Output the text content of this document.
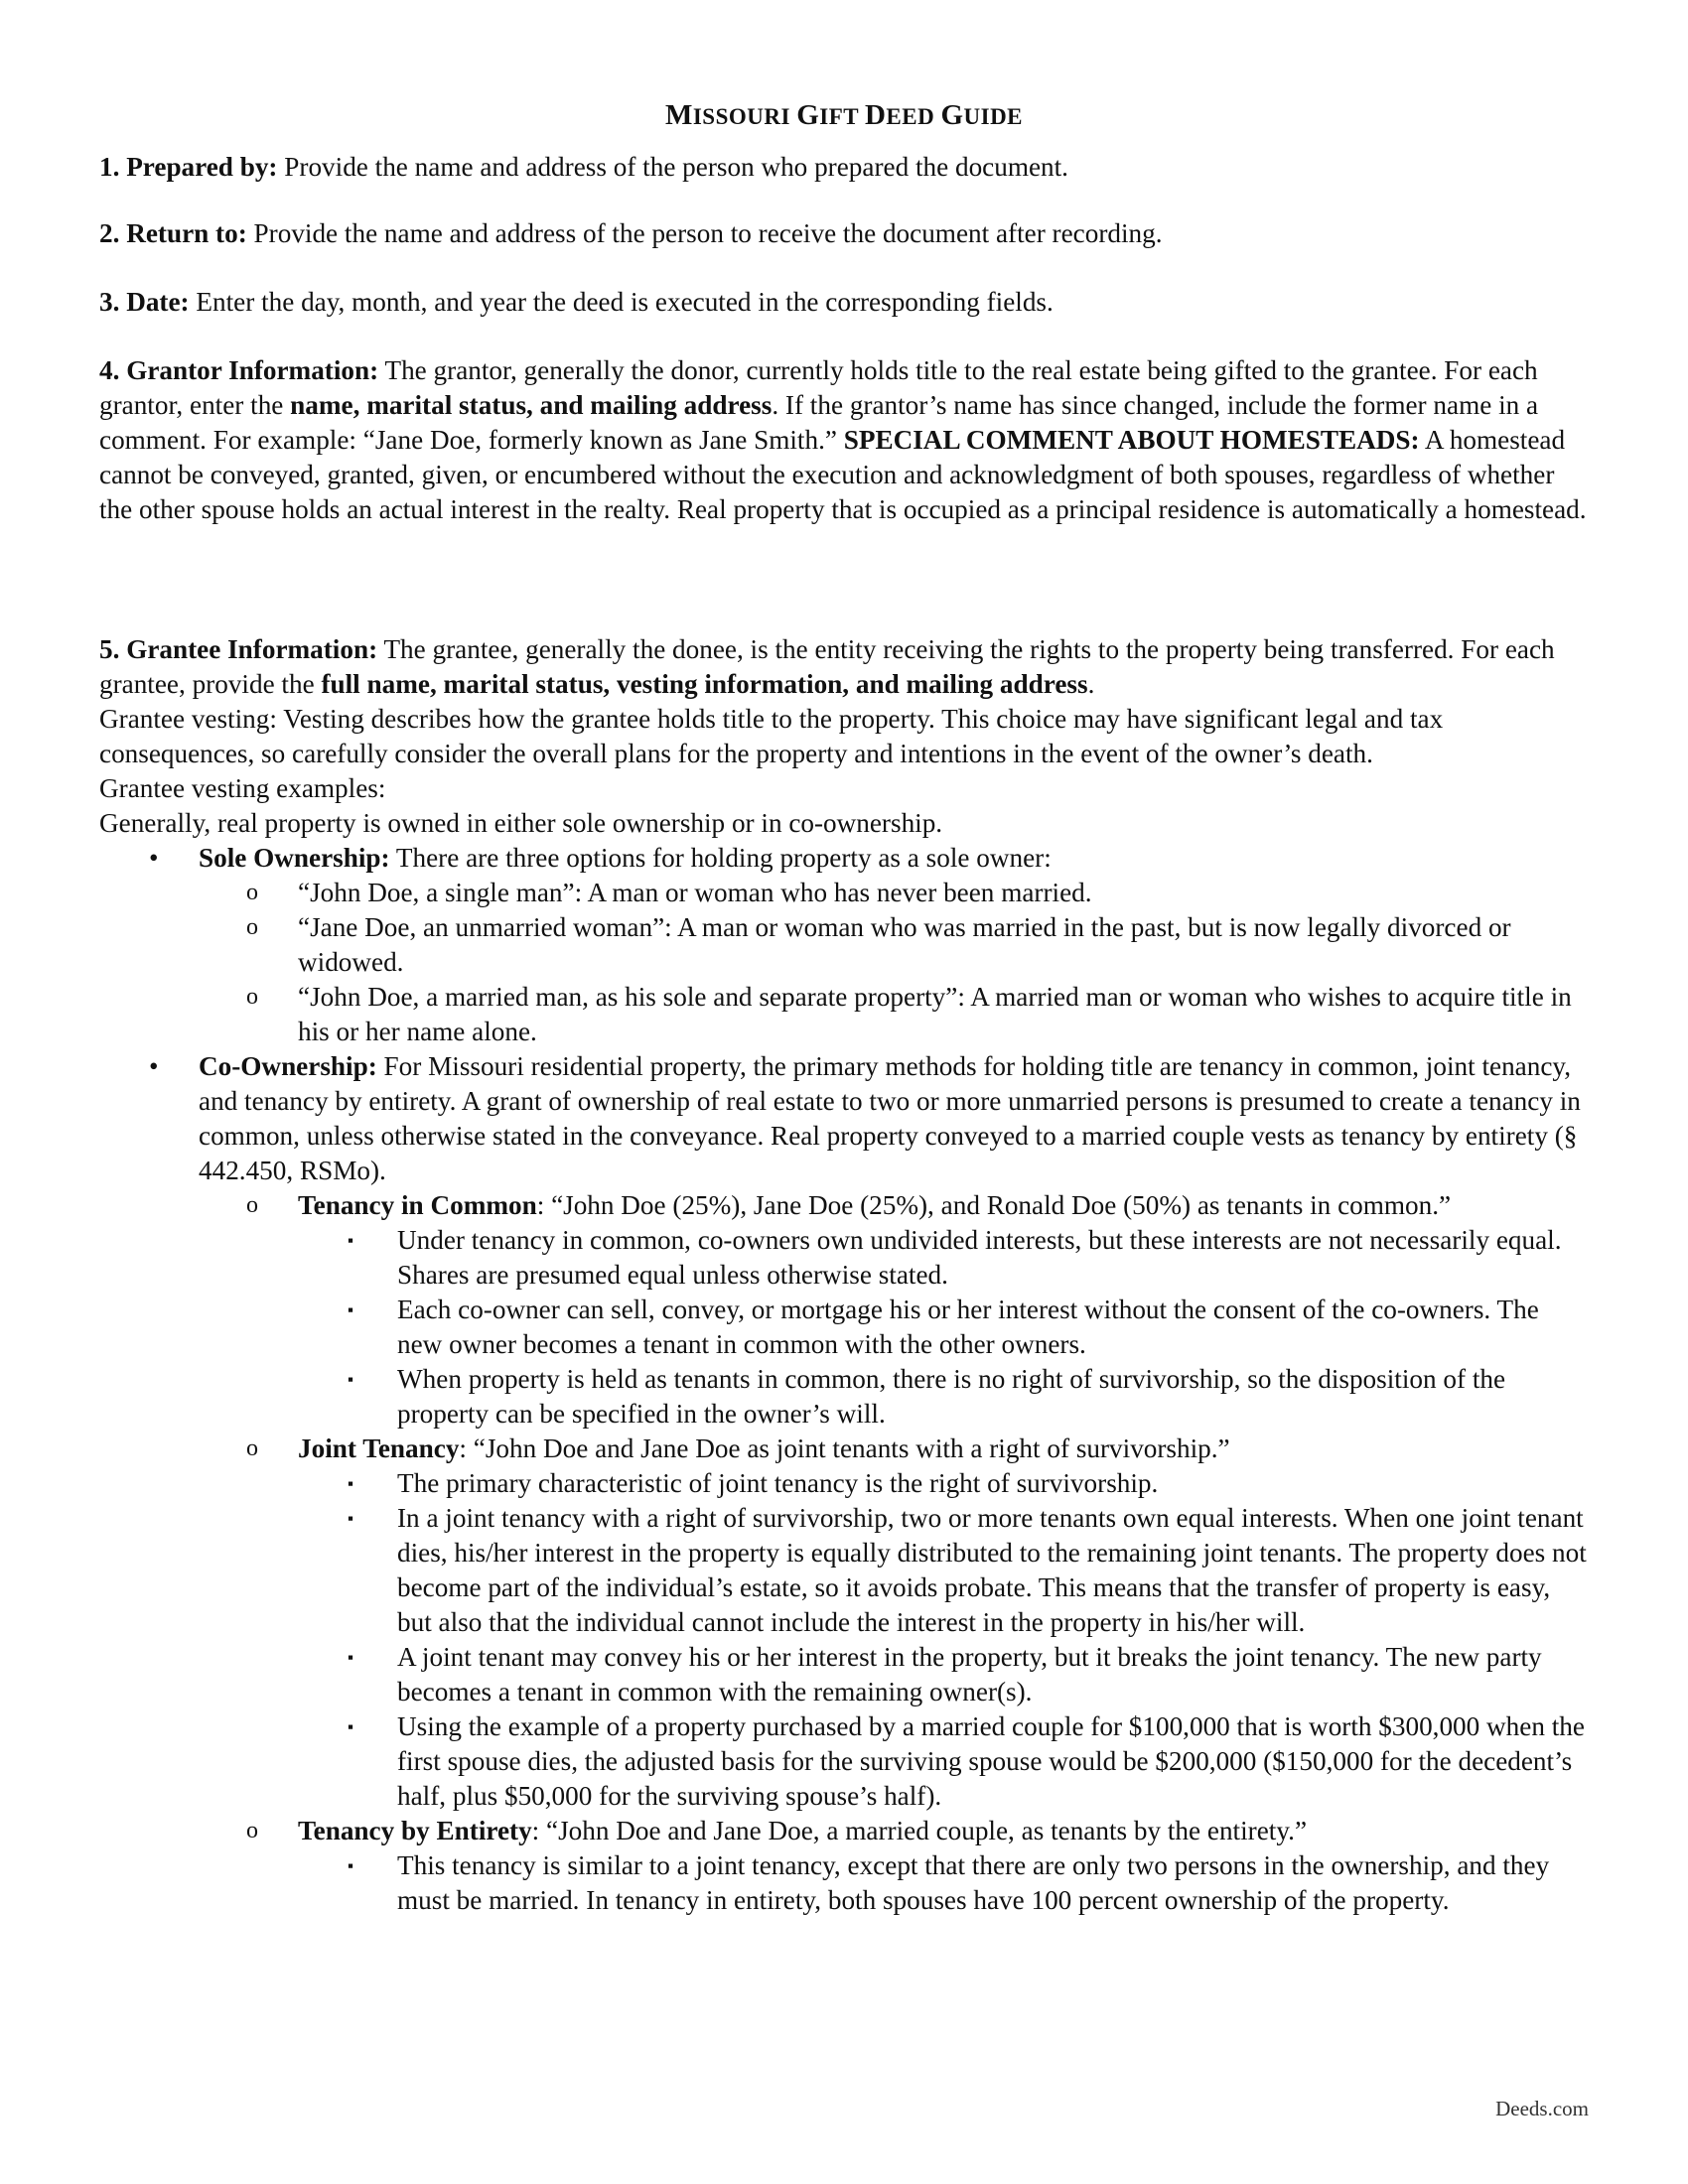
MISSOURI GIFT DEED GUIDE

1. Prepared by: Provide the name and address of the person who prepared the document.

2. Return to: Provide the name and address of the person to receive the document after recording.

3. Date: Enter the day, month, and year the deed is executed in the corresponding fields.

4. Grantor Information: The grantor, generally the donor, currently holds title to the real estate being gifted to the grantee. For each grantor, enter the name, marital status, and mailing address. If the grantor’s name has since changed, include the former name in a comment. For example: “Jane Doe, formerly known as Jane Smith.” SPECIAL COMMENT ABOUT HOMESTEADS: A homestead cannot be conveyed, granted, given, or encumbered without the execution and acknowledgment of both spouses, regardless of whether the other spouse holds an actual interest in the realty. Real property that is occupied as a principal residence is automatically a homestead.

5. Grantee Information: The grantee, generally the donee, is the entity receiving the rights to the property being transferred. For each grantee, provide the full name, marital status, vesting information, and mailing address.

Grantee vesting: Vesting describes how the grantee holds title to the property. This choice may have significant legal and tax consequences, so carefully consider the overall plans for the property and intentions in the event of the owner’s death.

Grantee vesting examples:

Generally, real property is owned in either sole ownership or in co-ownership.

• Sole Ownership: There are three options for holding property as a sole owner:
o “John Doe, a single man”: A man or woman who has never been married.
o “Jane Doe, an unmarried woman”: A man or woman who was married in the past, but is now legally divorced or widowed.
o “John Doe, a married man, as his sole and separate property”: A married man or woman who wishes to acquire title in his or her name alone.
• Co-Ownership: For Missouri residential property, the primary methods for holding title are tenancy in common, joint tenancy, and tenancy by entirety. A grant of ownership of real estate to two or more unmarried persons is presumed to create a tenancy in common, unless otherwise stated in the conveyance. Real property conveyed to a married couple vests as tenancy by entirety (§ 442.450, RSMo).
o Tenancy in Common: “John Doe (25%), Jane Doe (25%), and Ronald Doe (50%) as tenants in common.”
▪ Under tenancy in common, co-owners own undivided interests, but these interests are not necessarily equal. Shares are presumed equal unless otherwise stated.
▪ Each co-owner can sell, convey, or mortgage his or her interest without the consent of the co-owners. The new owner becomes a tenant in common with the other owners.
▪ When property is held as tenants in common, there is no right of survivorship, so the disposition of the property can be specified in the owner’s will.
o Joint Tenancy: “John Doe and Jane Doe as joint tenants with a right of survivorship.”
▪ The primary characteristic of joint tenancy is the right of survivorship.
▪ In a joint tenancy with a right of survivorship, two or more tenants own equal interests. When one joint tenant dies, his/her interest in the property is equally distributed to the remaining joint tenants. The property does not become part of the individual’s estate, so it avoids probate. This means that the transfer of property is easy, but also that the individual cannot include the interest in the property in his/her will.
▪ A joint tenant may convey his or her interest in the property, but it breaks the joint tenancy. The new party becomes a tenant in common with the remaining owner(s).
▪ Using the example of a property purchased by a married couple for $100,000 that is worth $300,000 when the first spouse dies, the adjusted basis for the surviving spouse would be $200,000 ($150,000 for the decedent’s half, plus $50,000 for the surviving spouse’s half).
o Tenancy by Entirety: “John Doe and Jane Doe, a married couple, as tenants by the entirety.”
▪ This tenancy is similar to a joint tenancy, except that there are only two persons in the ownership, and they must be married. In tenancy in entirety, both spouses have 100 percent ownership of the property.
Deeds.com
